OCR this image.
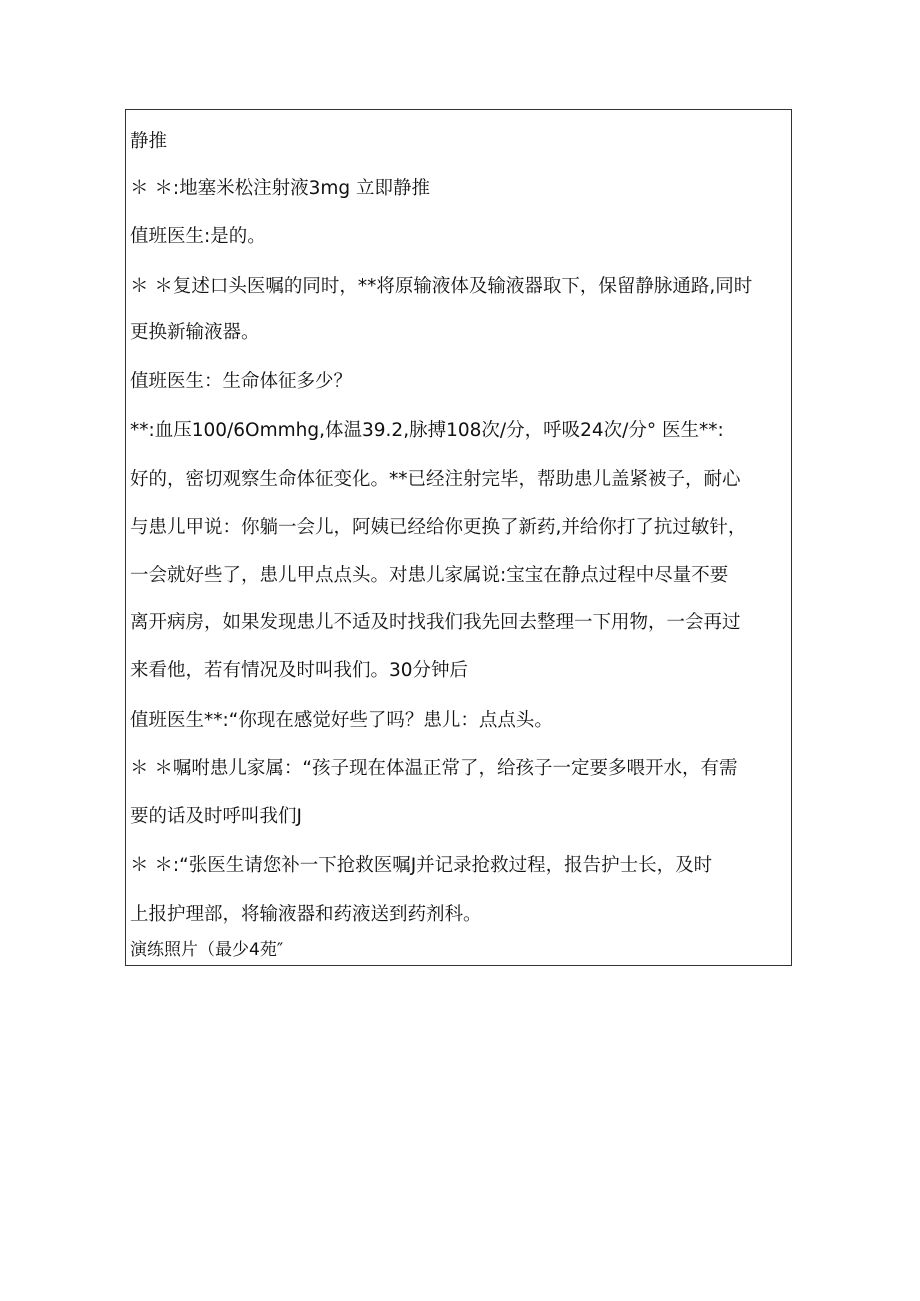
静推

＊ ＊:地塞米松注射液3mg 立即静推

值班医生:是的。

＊ ＊复述口头医嘱的同时，**将原输液体及输液器取下，保留静脉通路,同时

更换新输液器。

值班医生：生命体征多少？

**:血压100/6Ommhg,体温39.2,脉搏108次/分，呼吸24次/分° 医生**:

好的，密切观察生命体征变化。**已经注射完毕，帮助患儿盖紧被子，耐心

与患儿甲说：你躺一会儿，阿姨已经给你更换了新药,并给你打了抗过敏针，

一会就好些了，患儿甲点点头。对患儿家属说:宝宝在静点过程中尽量不要

离开病房，如果发现患儿不适及时找我们我先回去整理一下用物，一会再过

来看他，若有情况及时叫我们。30分钟后

值班医生**:“你现在感觉好些了吗？患儿：点点头。

＊ ＊嘱咐患儿家属：“孩子现在体温正常了，给孩子一定要多喂开水，有需

要的话及时呼叫我们J

＊ ＊:“张医生请您补一下抢救医嘱J并记录抢救过程，报告护士长，及时

上报护理部，将输液器和药液送到药剂科。

演练照片（最少4苑″
